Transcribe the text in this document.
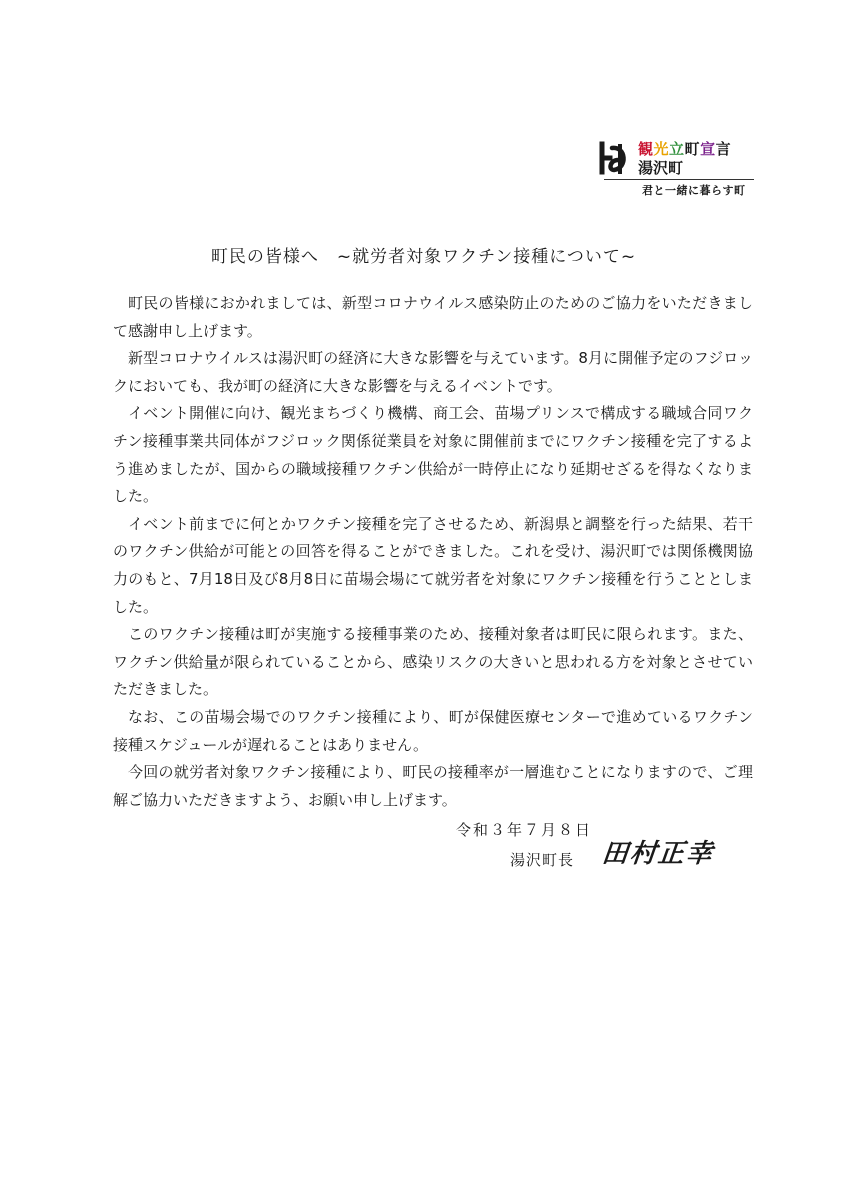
観光立町宣言
湯沢町
君と一緒に暮らす町
町民の皆様へ　~就労者対象ワクチン接種について~

町民の皆様におかれましては、新型コロナウイルス感染防止のためのご協力をいただきまして感謝申し上げます。

新型コロナウイルスは湯沢町の経済に大きな影響を与えています。8月に開催予定のフジロックにおいても、我が町の経済に大きな影響を与えるイベントです。

イベント開催に向け、観光まちづくり機構、商工会、苗場プリンスで構成する職域合同ワクチン接種事業共同体がフジロック関係従業員を対象に開催前までにワクチン接種を完了するよう進めましたが、国からの職域接種ワクチン供給が一時停止になり延期せざるを得なくなりました。

イベント前までに何とかワクチン接種を完了させるため、新潟県と調整を行った結果、若干のワクチン供給が可能との回答を得ることができました。これを受け、湯沢町では関係機関協力のもと、7月18日及び8月8日に苗場会場にて就労者を対象にワクチン接種を行うこととしました。

このワクチン接種は町が実施する接種事業のため、接種対象者は町民に限られます。また、ワクチン供給量が限られていることから、感染リスクの大きいと思われる方を対象とさせていただきました。

なお、この苗場会場でのワクチン接種により、町が保健医療センターで進めているワクチン接種スケジュールが遅れることはありません。

今回の就労者対象ワクチン接種により、町民の接種率が一層進むことになりますので、ご理解ご協力いただきますよう、お願い申し上げます。

令和３年７月８日
湯沢町長 田村正幸
